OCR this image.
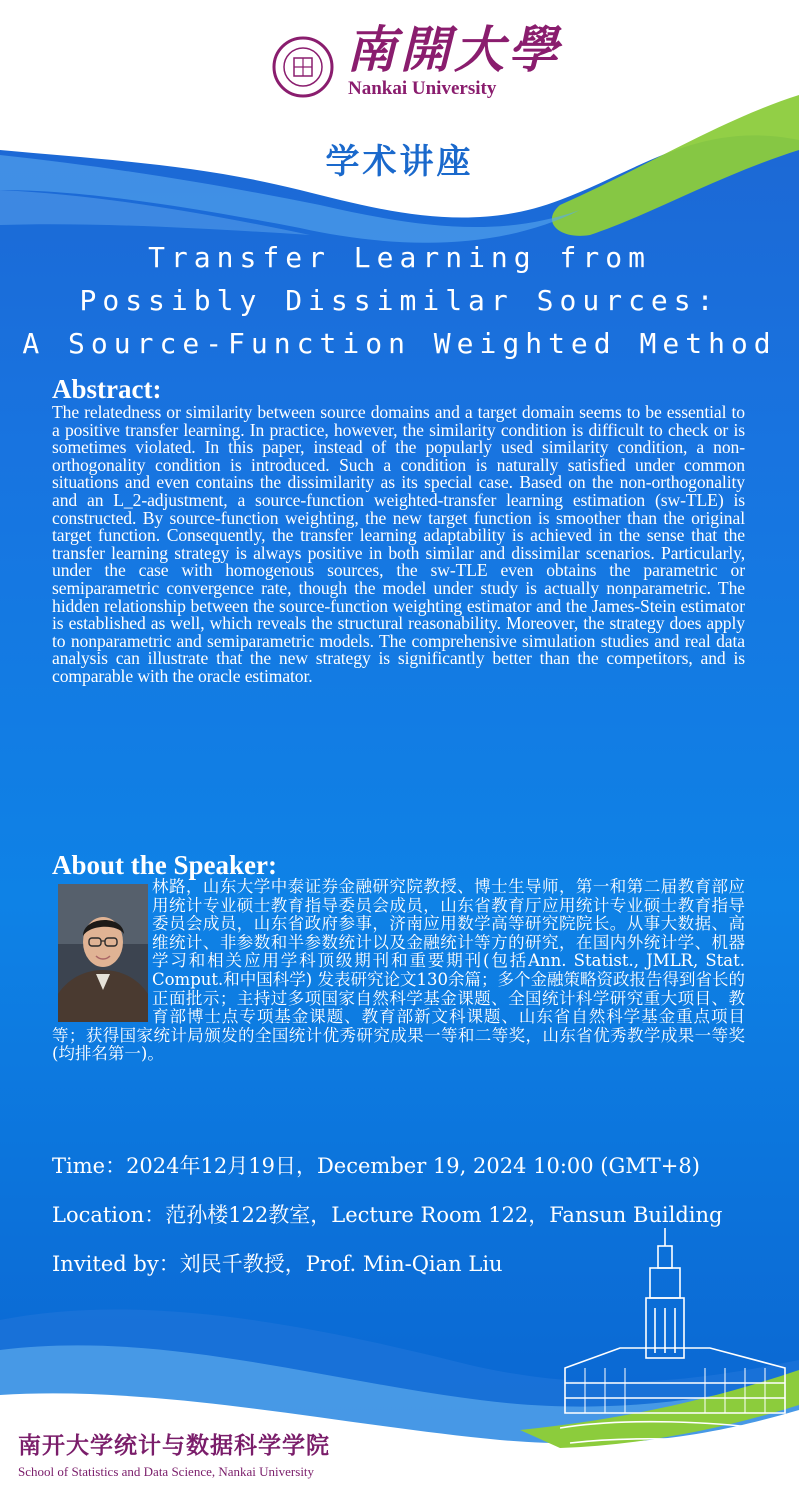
南開大學
Nankai University
学术讲座
Transfer Learning from
Possibly Dissimilar Sources:
A Source-Function Weighted Method
Abstract:
The relatedness or similarity between source domains and a target domain seems to be essential to a positive transfer learning. In practice, however, the similarity condition is difficult to check or is sometimes violated. In this paper, instead of the popularly used similarity condition, a non-orthogonality condition is introduced. Such a condition is naturally satisfied under common situations and even contains the dissimilarity as its special case. Based on the non-orthogonality and an L_2-adjustment, a source-function weighted-transfer learning estimation (sw-TLE) is constructed. By source-function weighting, the new target function is smoother than the original target function. Consequently, the transfer learning adaptability is achieved in the sense that the transfer learning strategy is always positive in both similar and dissimilar scenarios. Particularly, under the case with homogenous sources, the sw-TLE even obtains the parametric or semiparametric convergence rate, though the model under study is actually nonparametric. The hidden relationship between the source-function weighting estimator and the James-Stein estimator is established as well, which reveals the structural reasonability. Moreover, the strategy does apply to nonparametric and semiparametric models. The comprehensive simulation studies and real data analysis can illustrate that the new strategy is significantly better than the competitors, and is comparable with the oracle estimator.
About the Speaker:
林路，山东大学中泰证券金融研究院教授、博士生导师，第一和第二届教育部应用统计专业硕士教育指导委员会成员，山东省教育厅应用统计专业硕士教育指导委员会成员，山东省政府参事，济南应用数学高等研究院院长。从事大数据、高维统计、非参数和半参数统计以及金融统计等方的研究，在国内外统计学、机器学习和相关应用学科顶级期刊和重要期刊(包括Ann. Statist., JMLR, Stat. Comput.和中国科学) 发表研究论文130余篇；多个金融策略资政报告得到省长的正面批示；主持过多项国家自然科学基金课题、全国统计科学研究重大项目、教育部博士点专项基金课题、教育部新文科课题、山东省自然科学基金重点项目等；获得国家统计局颁发的全国统计优秀研究成果一等和二等奖，山东省优秀教学成果一等奖(均排名第一)。
Time：2024年12月19日，December 19, 2024 10:00 (GMT+8)
Location：范孙楼122教室，Lecture Room 122，Fansun Building
Invited by：刘民千教授，Prof. Min-Qian Liu
南开大学统计与数据科学学院
School of Statistics and Data Science, Nankai University
